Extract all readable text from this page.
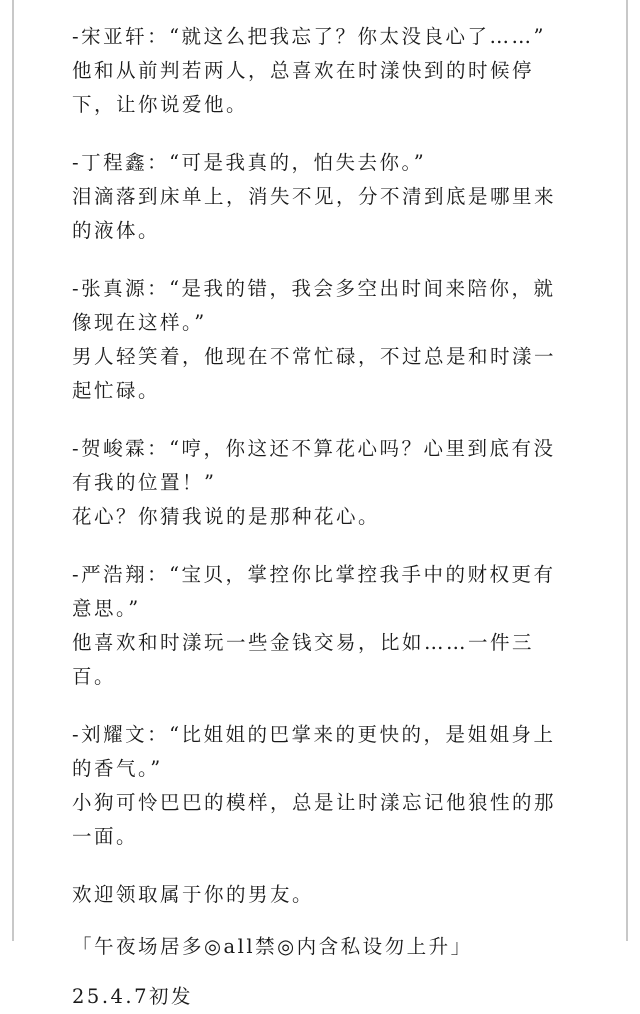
-宋亚轩：“就这么把我忘了？你太没良心了……”
他和从前判若两人，总喜欢在时漾快到的时候停
下，让你说爱他。
-丁程鑫：“可是我真的，怕失去你。”
泪滴落到床单上，消失不见，分不清到底是哪里来
的液体。
-张真源：“是我的错，我会多空出时间来陪你，就
像现在这样。”
男人轻笑着，他现在不常忙碌，不过总是和时漾一
起忙碌。
-贺峻霖：“哼，你这还不算花心吗？心里到底有没
有我的位置！”
花心？你猜我说的是那种花心。
-严浩翔：“宝贝，掌控你比掌控我手中的财权更有
意思。”
他喜欢和时漾玩一些金钱交易，比如……一件三
百。
-刘耀文：“比姐姐的巴掌来的更快的，是姐姐身上
的香气。”
小狗可怜巴巴的模样，总是让时漾忘记他狼性的那
一面。
欢迎领取属于你的男友。
「午夜场居多◎all禁◎内含私设勿上升」
25.4.7初发
